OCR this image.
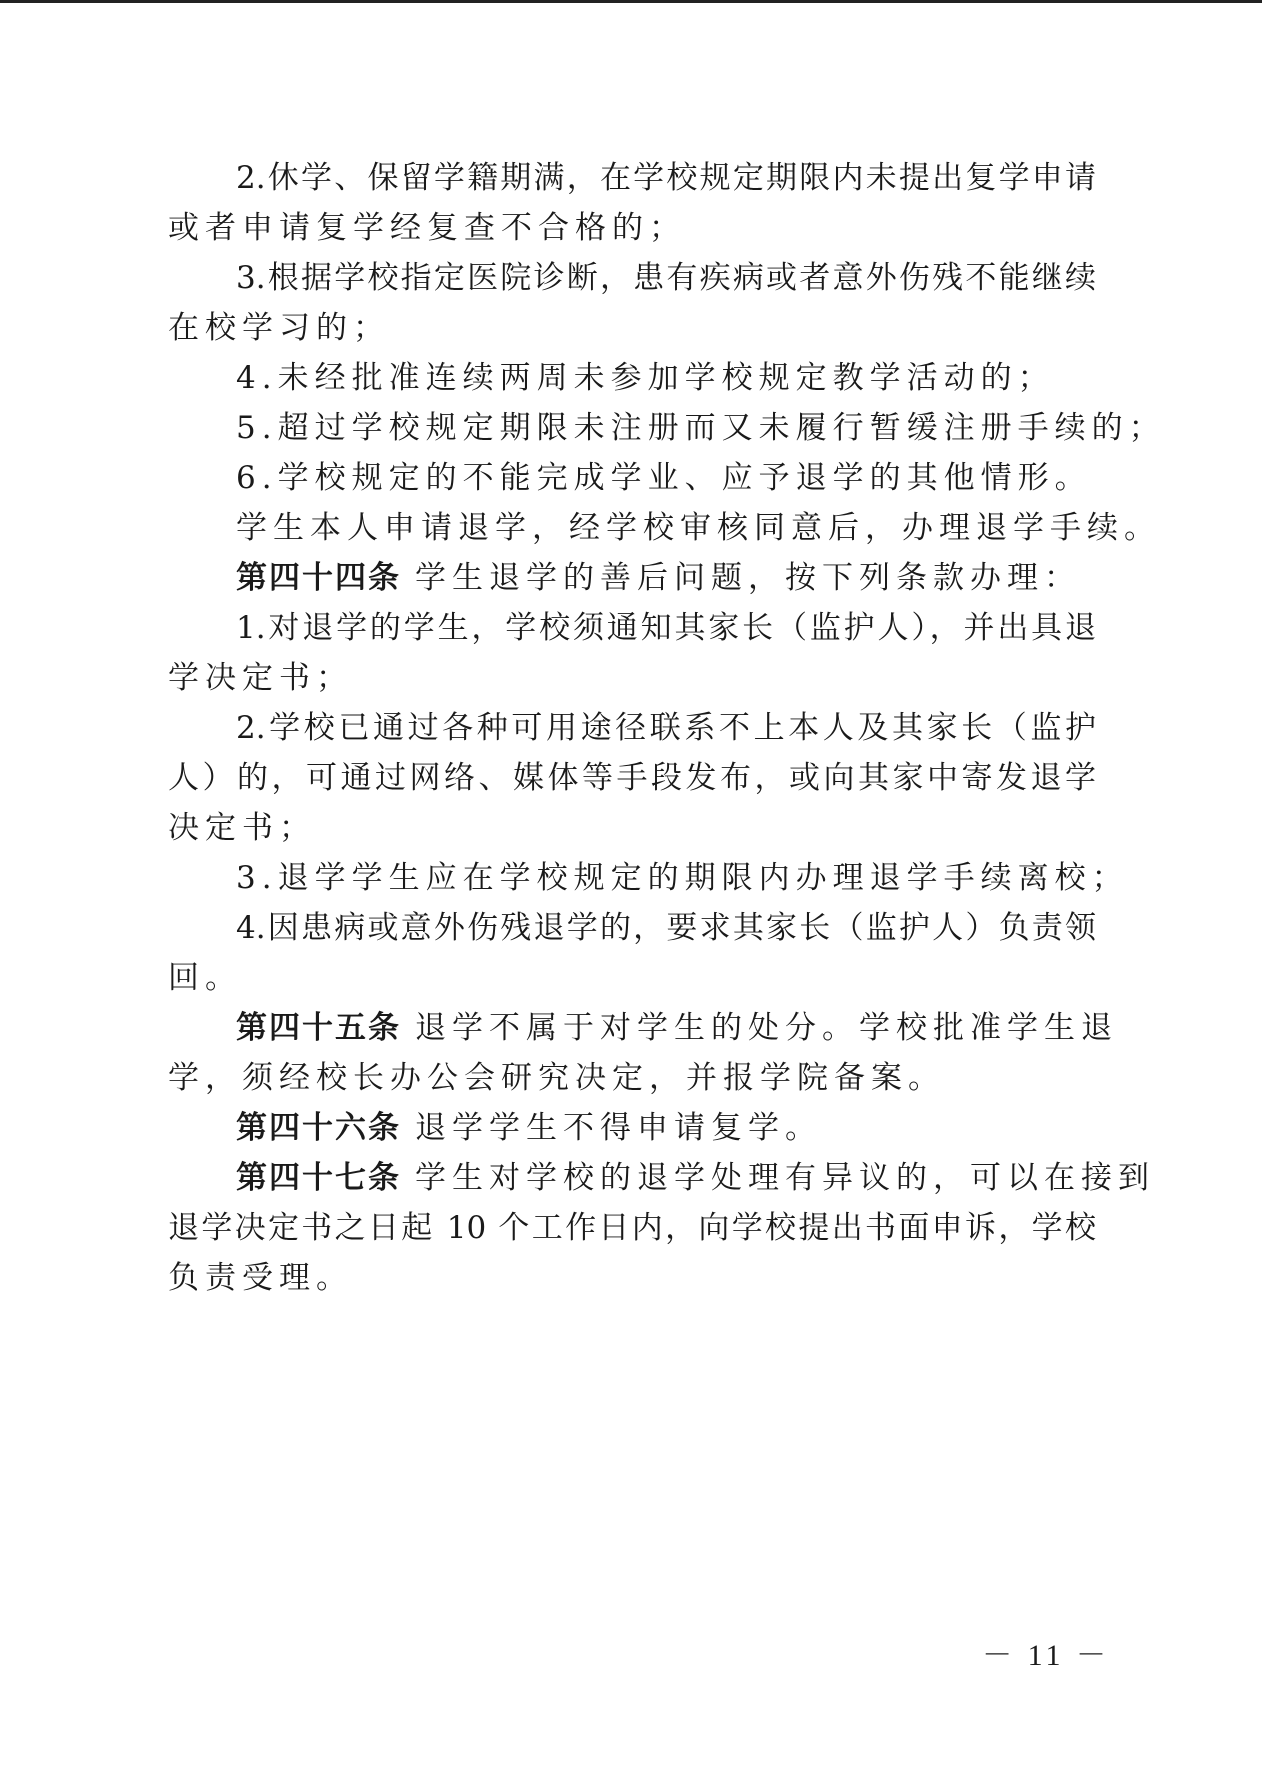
2.休学、保留学籍期满，在学校规定期限内未提出复学申请
或者申请复学经复查不合格的；
3.根据学校指定医院诊断，患有疾病或者意外伤残不能继续
在校学习的；
4.未经批准连续两周未参加学校规定教学活动的；
5.超过学校规定期限未注册而又未履行暂缓注册手续的；
6.学校规定的不能完成学业、应予退学的其他情形。
学生本人申请退学，经学校审核同意后，办理退学手续。
第四十四条 学生退学的善后问题，按下列条款办理：
1.对退学的学生，学校须通知其家长（监护人），并出具退
学决定书；
2.学校已通过各种可用途径联系不上本人及其家长（监护
人）的，可通过网络、媒体等手段发布，或向其家中寄发退学
决定书；
3.退学学生应在学校规定的期限内办理退学手续离校；
4.因患病或意外伤残退学的，要求其家长（监护人）负责领
回。
第四十五条 退学不属于对学生的处分。学校批准学生退
学，须经校长办公会研究决定，并报学院备案。
第四十六条 退学学生不得申请复学。
第四十七条 学生对学校的退学处理有异议的，可以在接到
退学决定书之日起 10 个工作日内，向学校提出书面申诉，学校
负责受理。
－ 11 －
